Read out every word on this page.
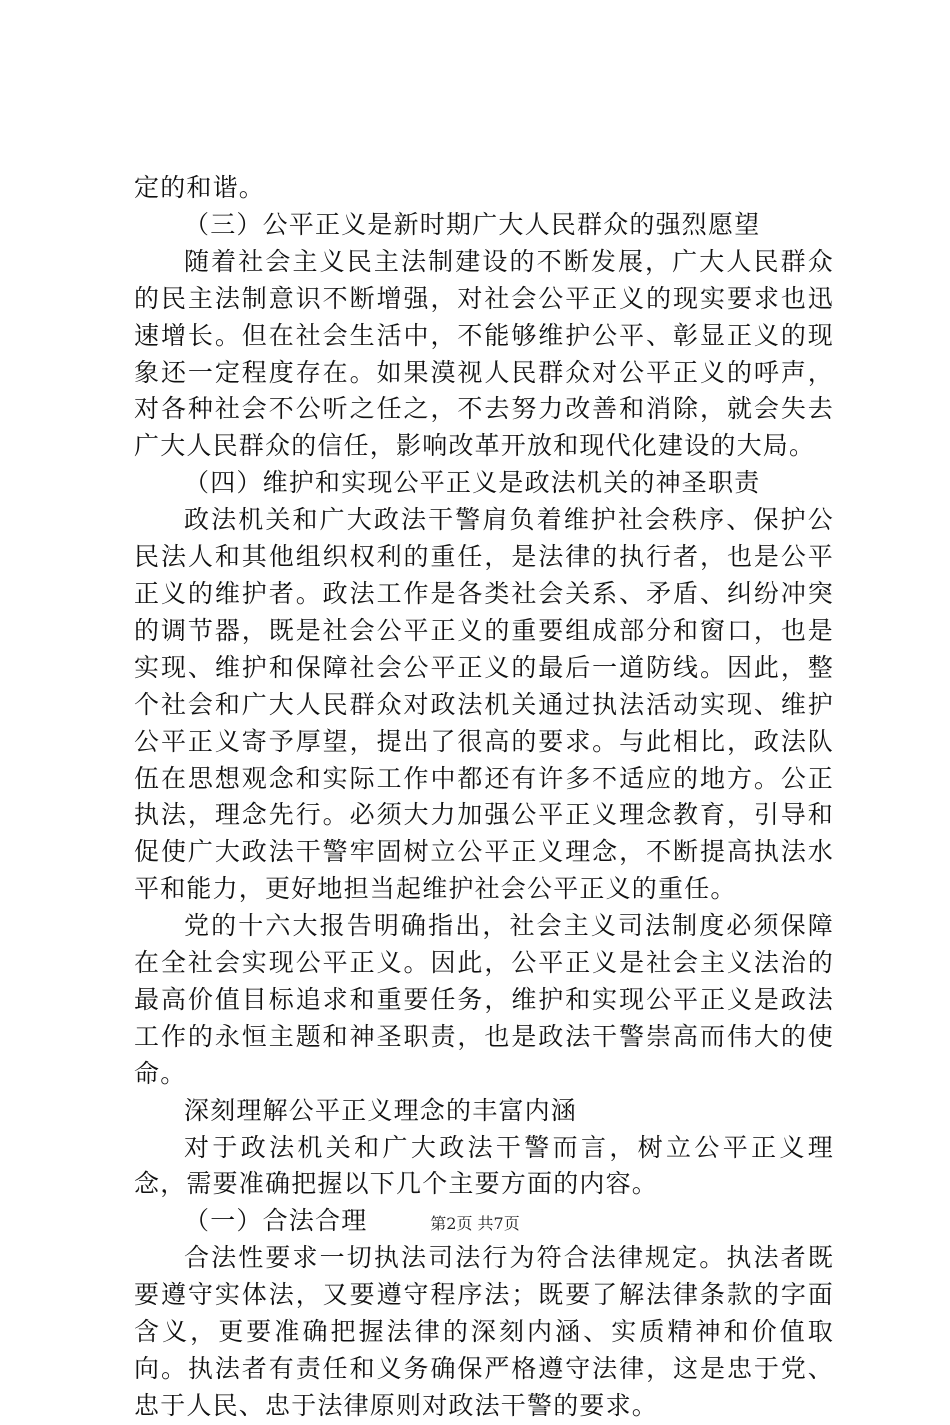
定的和谐。

（三）公平正义是新时期广大人民群众的强烈愿望

随着社会主义民主法制建设的不断发展，广大人民群众的民主法制意识不断增强，对社会公平正义的现实要求也迅速增长。但在社会生活中，不能够维护公平、彰显正义的现象还一定程度存在。如果漠视人民群众对公平正义的呼声，对各种社会不公听之任之，不去努力改善和消除，就会失去广大人民群众的信任，影响改革开放和现代化建设的大局。

（四）维护和实现公平正义是政法机关的神圣职责

政法机关和广大政法干警肩负着维护社会秩序、保护公民法人和其他组织权利的重任，是法律的执行者，也是公平正义的维护者。政法工作是各类社会关系、矛盾、纠纷冲突的调节器，既是社会公平正义的重要组成部分和窗口，也是实现、维护和保障社会公平正义的最后一道防线。因此，整个社会和广大人民群众对政法机关通过执法活动实现、维护公平正义寄予厚望，提出了很高的要求。与此相比，政法队伍在思想观念和实际工作中都还有许多不适应的地方。公正执法，理念先行。必须大力加强公平正义理念教育，引导和促使广大政法干警牢固树立公平正义理念，不断提高执法水平和能力，更好地担当起维护社会公平正义的重任。

党的十六大报告明确指出，社会主义司法制度必须保障在全社会实现公平正义。因此，公平正义是社会主义法治的最高价值目标追求和重要任务，维护和实现公平正义是政法工作的永恒主题和神圣职责，也是政法干警崇高而伟大的使命。

深刻理解公平正义理念的丰富内涵

对于政法机关和广大政法干警而言，树立公平正义理念，需要准确把握以下几个主要方面的内容。

（一）合法合理

合法性要求一切执法司法行为符合法律规定。执法者既要遵守实体法，又要遵守程序法；既要了解法律条款的字面含义，更要准确把握法律的深刻内涵、实质精神和价值取向。执法者有责任和义务确保严格遵守法律，这是忠于党、忠于人民、忠于法律原则对政法干警的要求。

第2页 共7页
